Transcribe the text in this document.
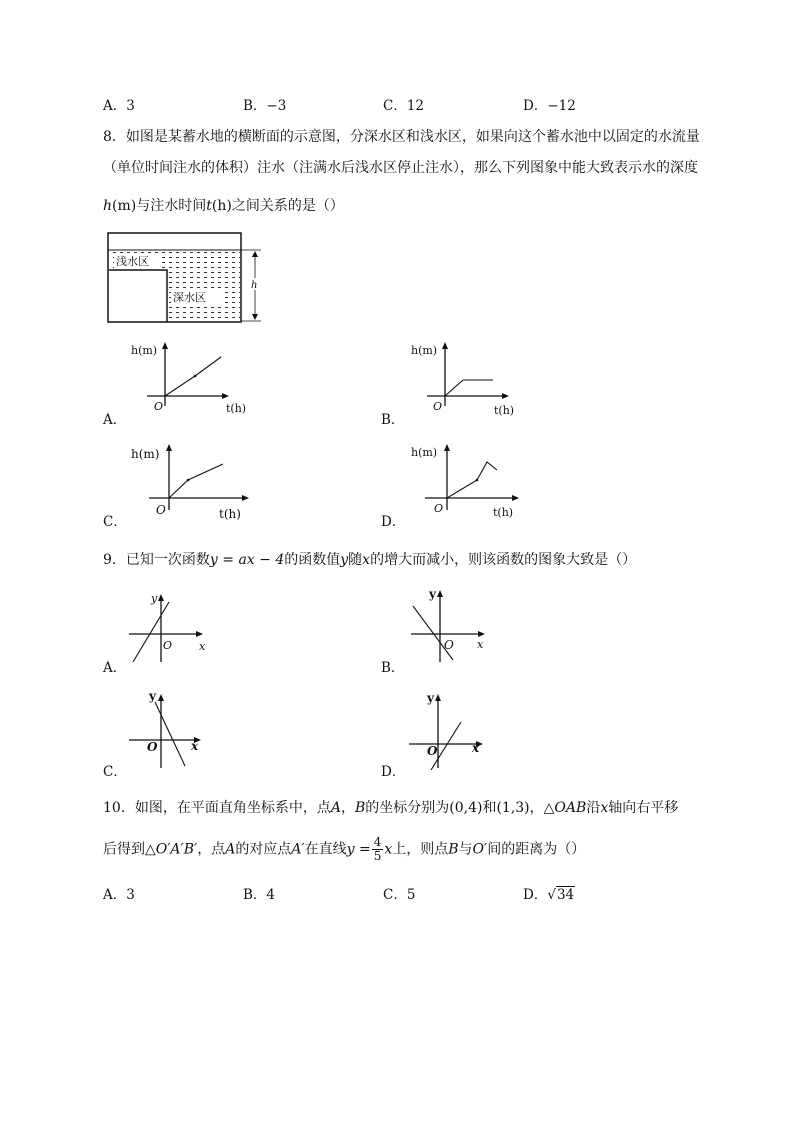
A．3	B．−3	C．12	D．−12
8．如图是某蓄水地的横断面的示意图，分深水区和浅水区，如果向这个蓄水池中以固定的水流量
（单位时间注水的体积）注水（注满水后浅水区停止注水），那么下列图象中能大致表示水的深度
h(m)与注水时间t(h)之间关系的是（）
浅水区
深水区
h
A．
h(m)
t(h)
O
B．
h(m)
t(h)
O
C．
h(m)
t(h)
O
D．
h(m)
t(h)
O
9．已知一次函数y = ax − 4的函数值y随x的增大而减小，则该函数的图象大致是（）
A．
y
x
O
B．
y
x
O
C．
y
x
O
D．
y
x
O
10．如图，在平面直角坐标系中，点A，B的坐标分别为(0,4)和(1,3)，△OAB沿x轴向右平移
后得到△O′A′B′，点A的对应点A′在直线$y = \frac{4}{5}$ x上，则点B与O′间的距离为（）
A．3	B．4	C．5	D．√34
